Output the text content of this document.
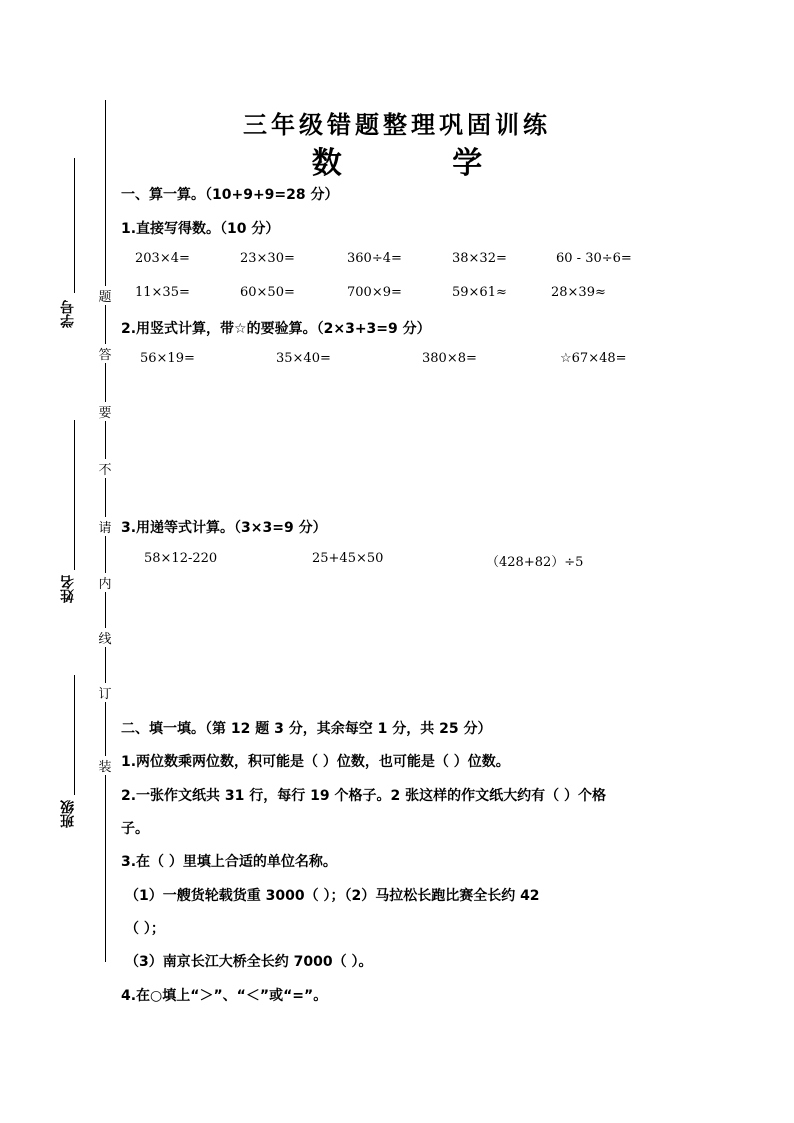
题
答
要
不
请
内
线
订
装
学号
姓名
班级
三年级错题整理巩固训练
数 学
一、算一算。（10+9+9=28 分）
1.直接写得数。（10 分）
203×4=	23×30=	360÷4=	38×32=	60 - 30÷6=
11×35=	60×50=	700×9=	59×61≈	28×39≈
2.用竖式计算，带☆的要验算。（2×3+3=9 分）
56×19=	35×40=	380×8=	☆67×48=
3.用递等式计算。（3×3=9 分）
58×12-220	25+45×50	（428+82）÷5
二、填一填。（第 12 题 3 分，其余每空 1 分，共 25 分）
1.两位数乘两位数，积可能是（ ）位数，也可能是（ ）位数。
2.一张作文纸共 31 行，每行 19 个格子。2 张这样的作文纸大约有（ ）个格
子。
3.在（ ）里填上合适的单位名称。
（1）一艘货轮载货重 3000（ ）；（2）马拉松长跑比赛全长约 42
（ ）；
（3）南京长江大桥全长约 7000（ ）。
4.在○填上“＞”、“＜”或“=”。
